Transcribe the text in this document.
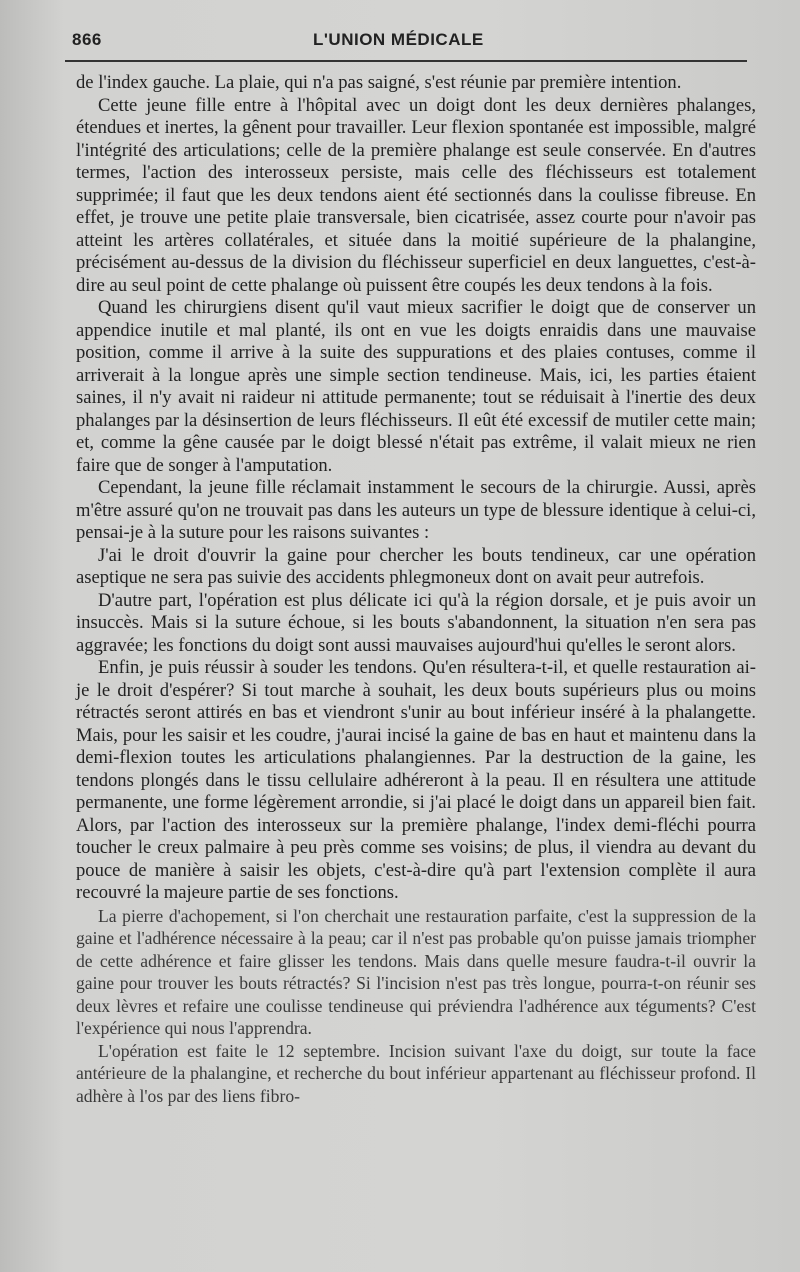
866	L'UNION MÉDICALE

de l'index gauche. La plaie, qui n'a pas saigné, s'est réunie par première intention.

Cette jeune fille entre à l'hôpital avec un doigt dont les deux dernières phalanges, étendues et inertes, la gênent pour travailler. Leur flexion spontanée est impossible, malgré l'intégrité des articulations; celle de la première phalange est seule conservée. En d'autres termes, l'action des interosseux persiste, mais celle des fléchisseurs est totalement supprimée; il faut que les deux tendons aient été sectionnés dans la coulisse fibreuse. En effet, je trouve une petite plaie transversale, bien cicatrisée, assez courte pour n'avoir pas atteint les artères collatérales, et située dans la moitié supérieure de la phalangine, précisément au-dessus de la division du fléchisseur superficiel en deux languettes, c'est-à-dire au seul point de cette phalange où puissent être coupés les deux tendons à la fois.

Quand les chirurgiens disent qu'il vaut mieux sacrifier le doigt que de conserver un appendice inutile et mal planté, ils ont en vue les doigts enraidis dans une mauvaise position, comme il arrive à la suite des suppurations et des plaies contuses, comme il arriverait à la longue après une simple section tendineuse. Mais, ici, les parties étaient saines, il n'y avait ni raideur ni attitude permanente; tout se réduisait à l'inertie des deux phalanges par la désinsertion de leurs fléchisseurs. Il eût été excessif de mutiler cette main; et, comme la gêne causée par le doigt blessé n'était pas extrême, il valait mieux ne rien faire que de songer à l'amputation.

Cependant, la jeune fille réclamait instamment le secours de la chirurgie. Aussi, après m'être assuré qu'on ne trouvait pas dans les auteurs un type de blessure identique à celui-ci, pensai-je à la suture pour les raisons suivantes :

J'ai le droit d'ouvrir la gaine pour chercher les bouts tendineux, car une opération aseptique ne sera pas suivie des accidents phlegmoneux dont on avait peur autrefois.

D'autre part, l'opération est plus délicate ici qu'à la région dorsale, et je puis avoir un insuccès. Mais si la suture échoue, si les bouts s'abandonnent, la situation n'en sera pas aggravée; les fonctions du doigt sont aussi mauvaises aujourd'hui qu'elles le seront alors.

Enfin, je puis réussir à souder les tendons. Qu'en résultera-t-il, et quelle restauration ai-je le droit d'espérer? Si tout marche à souhait, les deux bouts supérieurs plus ou moins rétractés seront attirés en bas et viendront s'unir au bout inférieur inséré à la phalangette. Mais, pour les saisir et les coudre, j'aurai incisé la gaine de bas en haut et maintenu dans la demi-flexion toutes les articulations phalangiennes. Par la destruction de la gaine, les tendons plongés dans le tissu cellulaire adhéreront à la peau. Il en résultera une attitude permanente, une forme légèrement arrondie, si j'ai placé le doigt dans un appareil bien fait. Alors, par l'action des interosseux sur la première phalange, l'index demi-fléchi pourra toucher le creux palmaire à peu près comme ses voisins; de plus, il viendra au devant du pouce de manière à saisir les objets, c'est-à-dire qu'à part l'extension complète il aura recouvré la majeure partie de ses fonctions.

La pierre d'achopement, si l'on cherchait une restauration parfaite, c'est la suppression de la gaine et l'adhérence nécessaire à la peau; car il n'est pas probable qu'on puisse jamais triompher de cette adhérence et faire glisser les tendons. Mais dans quelle mesure faudra-t-il ouvrir la gaine pour trouver les bouts rétractés? Si l'incision n'est pas très longue, pourra-t-on réunir ses deux lèvres et refaire une coulisse tendineuse qui préviendra l'adhérence aux téguments? C'est l'expérience qui nous l'apprendra.

L'opération est faite le 12 septembre. Incision suivant l'axe du doigt, sur toute la face antérieure de la phalangine, et recherche du bout inférieur appartenant au fléchisseur profond. Il adhère à l'os par des liens fibro-
